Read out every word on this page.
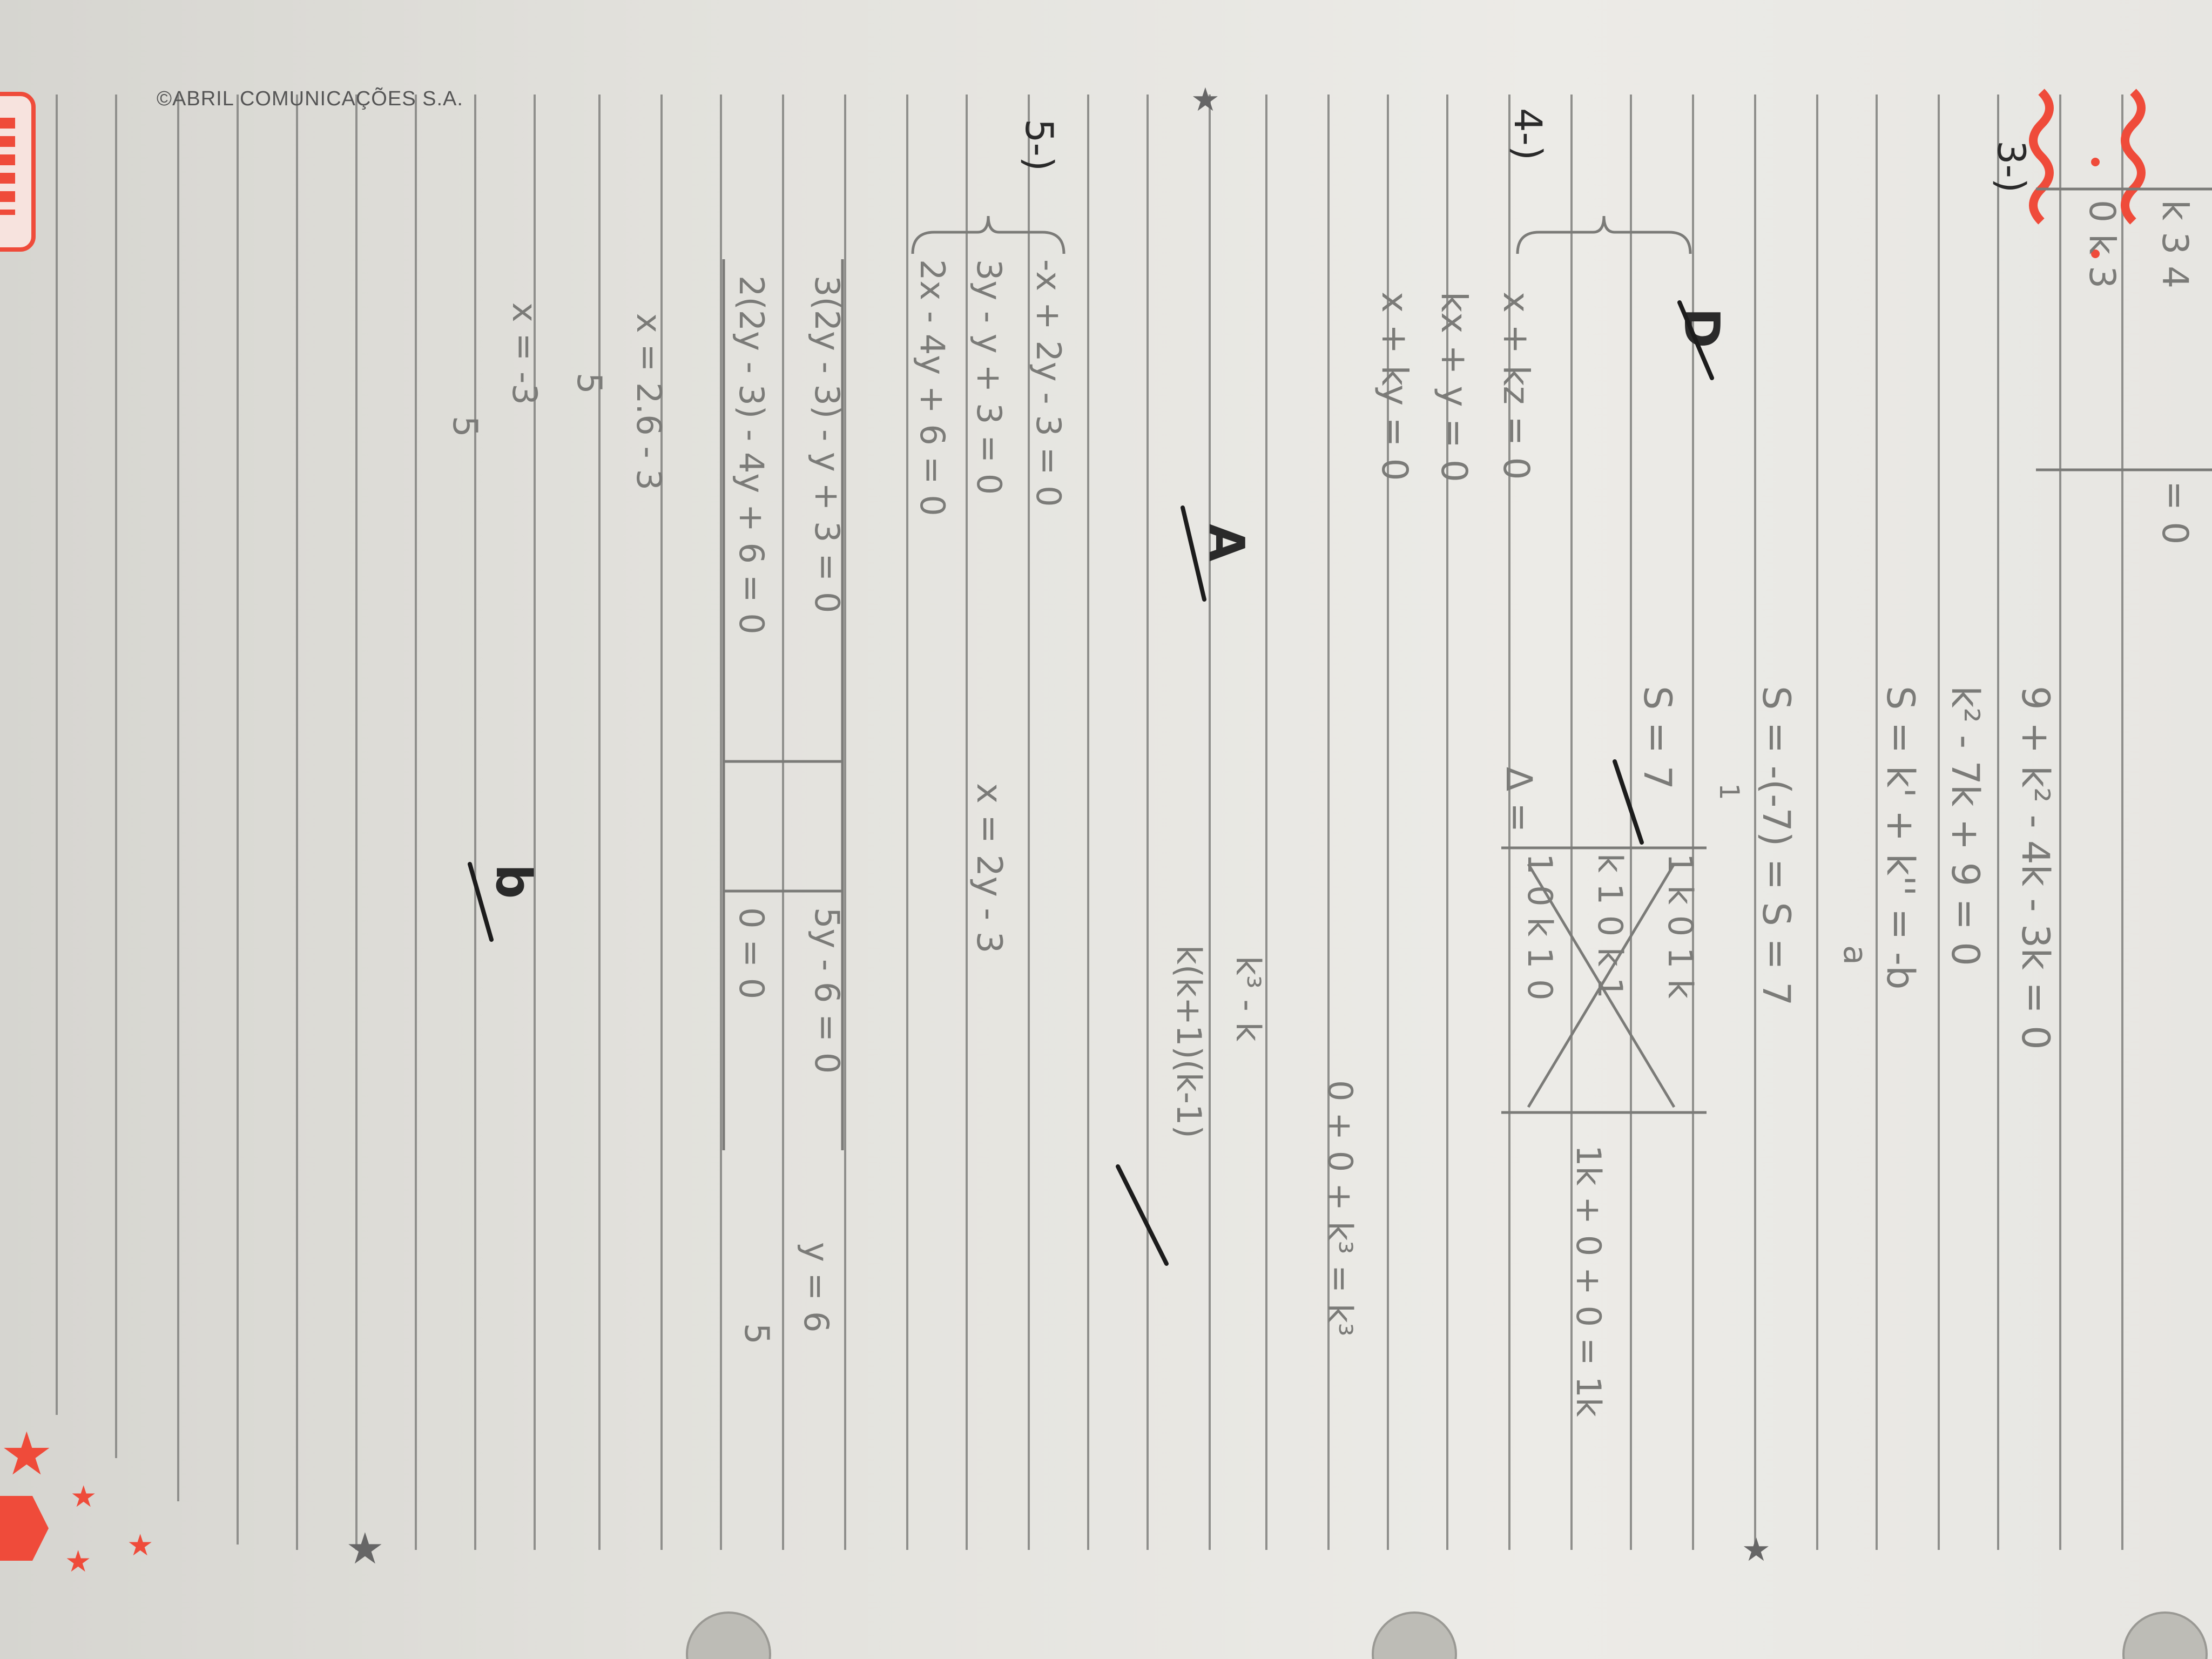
★
★
★
★
★
★
★
3-)
k 3 4
0 k 3
= 0
9 + k² - 4k - 3k = 0
k² - 7k + 9 = 0
S = k' + k'' = -b
a
S = -(-7) = S = 7
1
S = 7
D
4-)
x + kz = 0
kx + y = 0
x + ky = 0
Δ =
1 0 k 1 0 k 1 0 k 1 1 k 0 1 k
1k + 0 + 0 = 1k
0 + 0 + k³ = k³
k³ - k
k(k+1)(k-1)
A
5-)
-x + 2y - 3 = 0
3y - y + 3 = 0
2x - 4y + 6 = 0
x = 2y - 3
3(2y - 3) - y + 3 = 0
2(2y - 3) - 4y + 6 = 0
5y - 6 = 0
0 = 0
y = 6
5
x = 2.6 - 3
5
x = -3
5
b
©ABRIL COMUNICAÇÕES S.A.
